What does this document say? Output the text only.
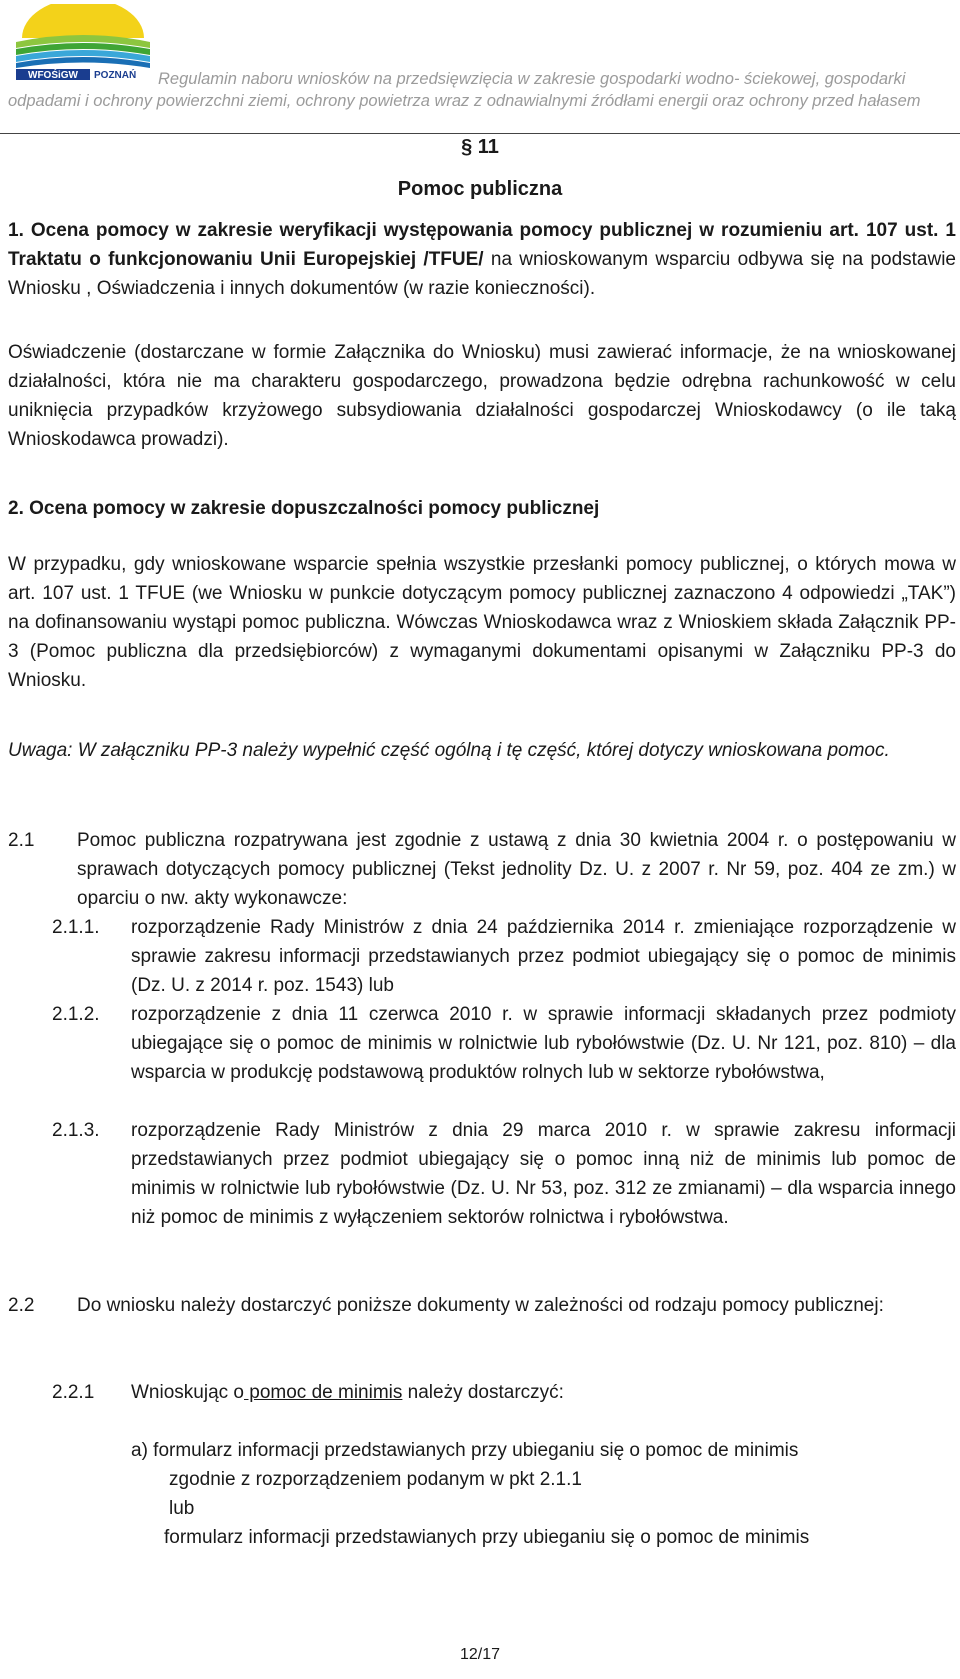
WFOŚiGW POZNAŃ	Regulamin naboru wniosków na przedsięwzięcia w zakresie gospodarki wodno- ściekowej, gospodarki odpadami i ochrony powierzchni ziemi, ochrony powietrza wraz z odnawialnymi źródłami energii oraz ochrony przed hałasem
§ 11
Pomoc publiczna
1. Ocena pomocy w zakresie weryfikacji występowania pomocy publicznej w rozumieniu art. 107 ust. 1 Traktatu o funkcjonowaniu Unii Europejskiej /TFUE/ na wnioskowanym wsparciu odbywa się na podstawie Wniosku , Oświadczenia i innych dokumentów (w razie konieczności).
Oświadczenie (dostarczane w formie Załącznika do Wniosku) musi zawierać informacje, że na wnioskowanej działalności, która nie ma charakteru gospodarczego, prowadzona będzie odrębna rachunkowość w celu uniknięcia przypadków krzyżowego subsydiowania działalności gospodarczej Wnioskodawcy (o ile taką Wnioskodawca prowadzi).
2. Ocena pomocy w zakresie dopuszczalności pomocy publicznej
W przypadku, gdy wnioskowane wsparcie spełnia wszystkie przesłanki pomocy publicznej, o których mowa w art. 107 ust. 1 TFUE (we Wniosku w punkcie dotyczącym pomocy publicznej zaznaczono 4 odpowiedzi „TAK”) na dofinansowaniu wystąpi pomoc publiczna. Wówczas Wnioskodawca wraz z Wnioskiem składa Załącznik PP-3 (Pomoc publiczna dla przedsiębiorców) z wymaganymi dokumentami opisanymi w Załączniku PP-3 do Wniosku.
Uwaga: W załączniku PP-3 należy wypełnić część ogólną i tę część, której dotyczy wnioskowana pomoc.
2.1 Pomoc publiczna rozpatrywana jest zgodnie z ustawą z dnia 30 kwietnia 2004 r. o postępowaniu w sprawach dotyczących pomocy publicznej (Tekst jednolity Dz. U. z 2007 r. Nr 59, poz. 404 ze zm.) w oparciu o nw. akty wykonawcze:
2.1.1. rozporządzenie Rady Ministrów z dnia 24 października 2014 r. zmieniające rozporządzenie w sprawie zakresu informacji przedstawianych przez podmiot ubiegający się o pomoc de minimis (Dz. U. z 2014 r. poz. 1543) lub
2.1.2. rozporządzenie z dnia 11 czerwca 2010 r. w sprawie informacji składanych przez podmioty ubiegające się o pomoc de minimis w rolnictwie lub rybołówstwie (Dz. U. Nr 121, poz. 810) – dla wsparcia w produkcję podstawową produktów rolnych lub w sektorze rybołówstwa,
2.1.3. rozporządzenie Rady Ministrów z dnia 29 marca 2010 r. w sprawie zakresu informacji przedstawianych przez podmiot ubiegający się o pomoc inną niż de minimis lub pomoc de minimis w rolnictwie lub rybołówstwie (Dz. U. Nr 53, poz. 312 ze zmianami) – dla wsparcia innego niż pomoc de minimis z wyłączeniem sektorów rolnictwa i rybołówstwa.
2.2 Do wniosku należy dostarczyć poniższe dokumenty w zależności od rodzaju pomocy publicznej:
2.2.1 Wnioskując o pomoc de minimis należy dostarczyć:
a) formularz informacji przedstawianych przy ubieganiu się o pomoc de minimis
zgodnie z rozporządzeniem podanym w pkt 2.1.1
lub
formularz informacji przedstawianych przy ubieganiu się o pomoc de minimis
12/17
